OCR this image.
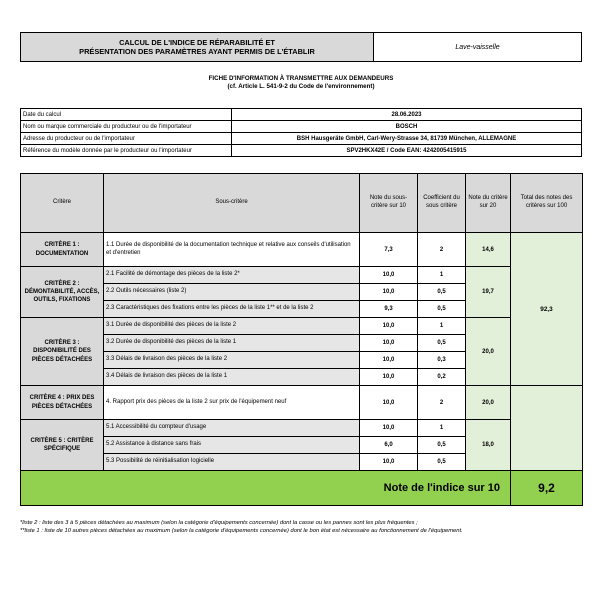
CALCUL DE L'INDICE DE RÉPARABILITÉ ET
PRÉSENTATION DES PARAMÈTRES AYANT PERMIS DE L'ÉTABLIR	Lave-vaisselle
FICHE D'INFORMATION À TRANSMETTRE AUX DEMANDEURS
(cf. Article L. 541-9-2 du Code de l'environnement)
Date du calcul	28.06.2023
Nom ou marque commerciale du producteur ou de l'importateur	BOSCH
Adresse du producteur ou de l'importateur	BSH Hausgeräte GmbH, Carl-Wery-Strasse 34, 81739 München, ALLEMAGNE
Référence du modèle donnée par le producteur ou l'importateur	SPV2HKX42E / Code EAN: 4242005415915
Critère	Sous-critère	Note du sous-critère sur 10	Coefficient du sous critère	Note du critère sur 20	Total des notes des critères sur 100
CRITÈRE 1 : DOCUMENTATION	1.1 Durée de disponibilité de la documentation technique et relative aux conseils d'utilisation et d'entretien	7,3	2	14,6	92,3
CRITÈRE 2 : DÉMONTABILITÉ, ACCÈS, OUTILS, FIXATIONS	2.1 Facilité de démontage des pièces de la liste 2*	10,0	1	19,7	
	2.2 Outils nécessaires (liste 2)	10,0	0,5		
	2.3 Caractéristiques des fixations entre les pièces de la liste 1** et de la liste 2	9,3	0,5		
CRITÈRE 3 : DISPONIBILITÉ DES PIÈCES DÉTACHÉES	3.1 Durée de disponibilité des pièces de la liste 2	10,0	1	20,0	
	3.2 Durée de disponibilité des pièces de la liste 1	10,0	0,5		
	3.3 Délais de livraison des pièces de la liste 2	10,0	0,3		
	3.4 Délais de livraison des pièces de la liste 1	10,0	0,2		
CRITÈRE 4 : PRIX DES PIÈCES DÉTACHÉES	4. Rapport prix des pièces de la liste 2 sur prix de l'équipement neuf	10,0	2	20,0	
CRITÈRE 5 : CRITÈRE SPÉCIFIQUE	5.1 Accessibilité du compteur d'usage	10,0	1	18,0	
	5.2 Assistance à distance sans frais	6,0	0,5		
	5.3 Possibilité de réinitialisation logicielle	10,0	0,5		
Note de l'indice sur 10					9,2

*liste 2 : liste des 3 à 5 pièces détachées au maximum (selon la catégorie d'équipements concernée) dont la casse ou les pannes sont les plus fréquentes ;

**liste 1 : liste de 10 autres pièces détachées au maximum (selon la catégorie d'équipements concernée) dont le bon état est nécessaire au fonctionnement de l'équipement.
